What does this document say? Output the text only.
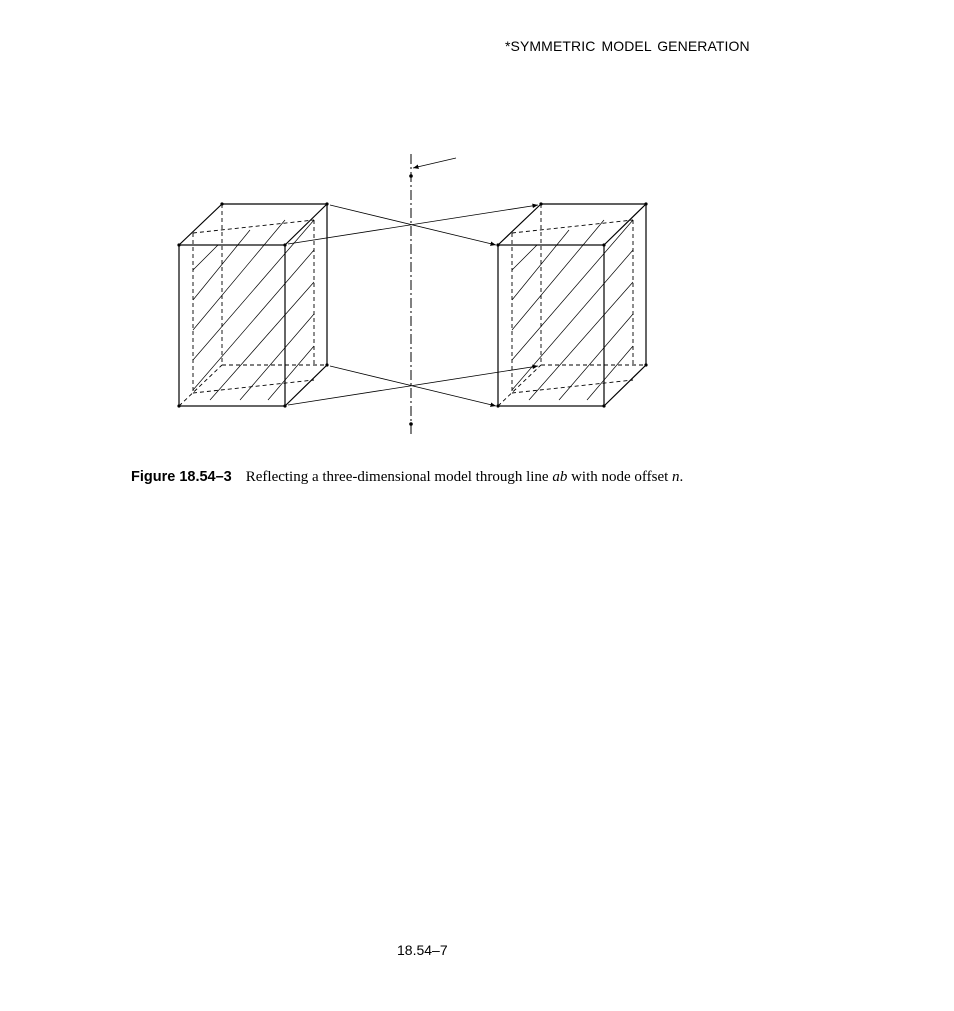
*SYMMETRIC MODEL GENERATION
Figure 18.54–3 Reflecting a three-dimensional model through line ab with node offset n.
18.54–7
